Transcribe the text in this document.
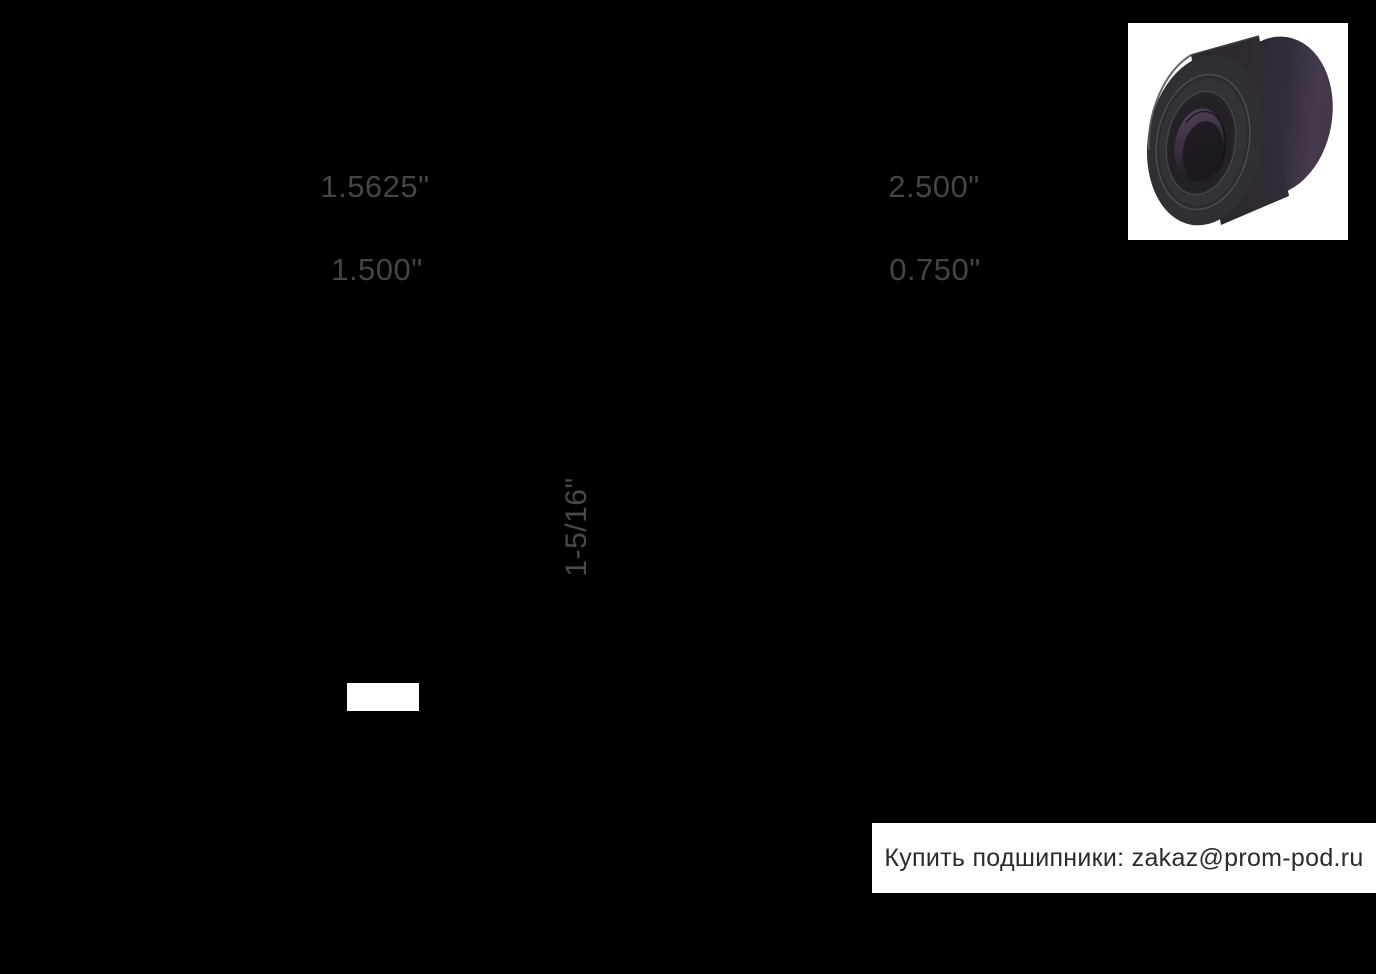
1.5625"
1.500"
2.500"
0.750"
1-5/16"
Купить подшипники: zakaz@prom-pod.ru
